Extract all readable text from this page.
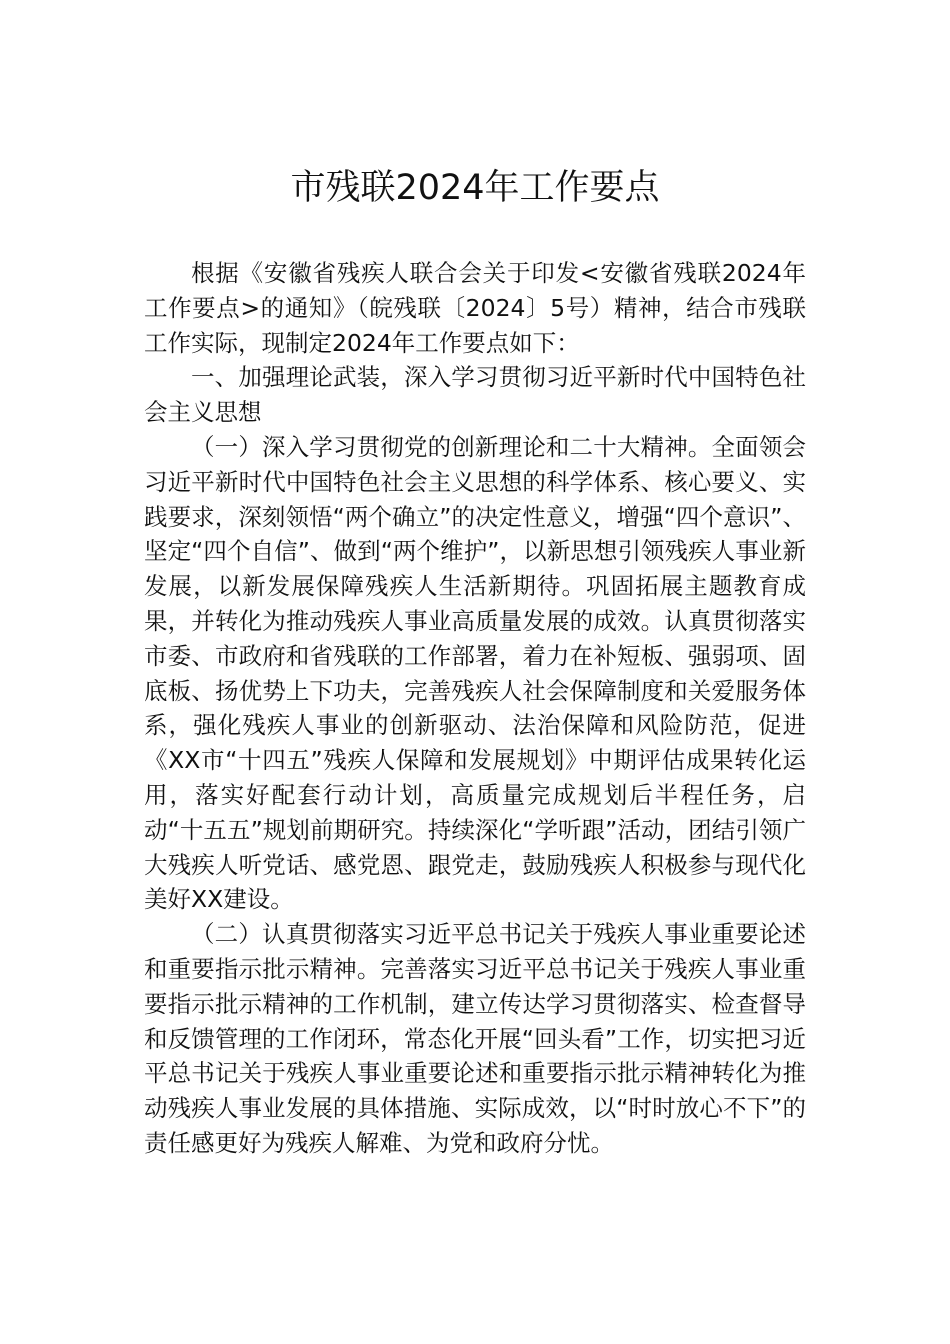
市残联2024年工作要点

根据《安徽省残疾人联合会关于印发<安徽省残联2024年工作要点>的通知》（皖残联〔2024〕5号）精神，结合市残联工作实际，现制定2024年工作要点如下：

一、加强理论武装，深入学习贯彻习近平新时代中国特色社会主义思想

（一）深入学习贯彻党的创新理论和二十大精神。全面领会习近平新时代中国特色社会主义思想的科学体系、核心要义、实践要求，深刻领悟“两个确立”的决定性意义，增强“四个意识”、坚定“四个自信”、做到“两个维护”，以新思想引领残疾人事业新发展，以新发展保障残疾人生活新期待。巩固拓展主题教育成果，并转化为推动残疾人事业高质量发展的成效。认真贯彻落实市委、市政府和省残联的工作部署，着力在补短板、强弱项、固底板、扬优势上下功夫，完善残疾人社会保障制度和关爱服务体系，强化残疾人事业的创新驱动、法治保障和风险防范，促进《XX市“十四五”残疾人保障和发展规划》中期评估成果转化运用，落实好配套行动计划，高质量完成规划后半程任务，启动“十五五”规划前期研究。持续深化“学听跟”活动，团结引领广大残疾人听党话、感党恩、跟党走，鼓励残疾人积极参与现代化美好XX建设。

（二）认真贯彻落实习近平总书记关于残疾人事业重要论述和重要指示批示精神。完善落实习近平总书记关于残疾人事业重要指示批示精神的工作机制，建立传达学习贯彻落实、检查督导和反馈管理的工作闭环，常态化开展“回头看”工作，切实把习近平总书记关于残疾人事业重要论述和重要指示批示精神转化为推动残疾人事业发展的具体措施、实际成效，以“时时放心不下”的责任感更好为残疾人解难、为党和政府分忧。
